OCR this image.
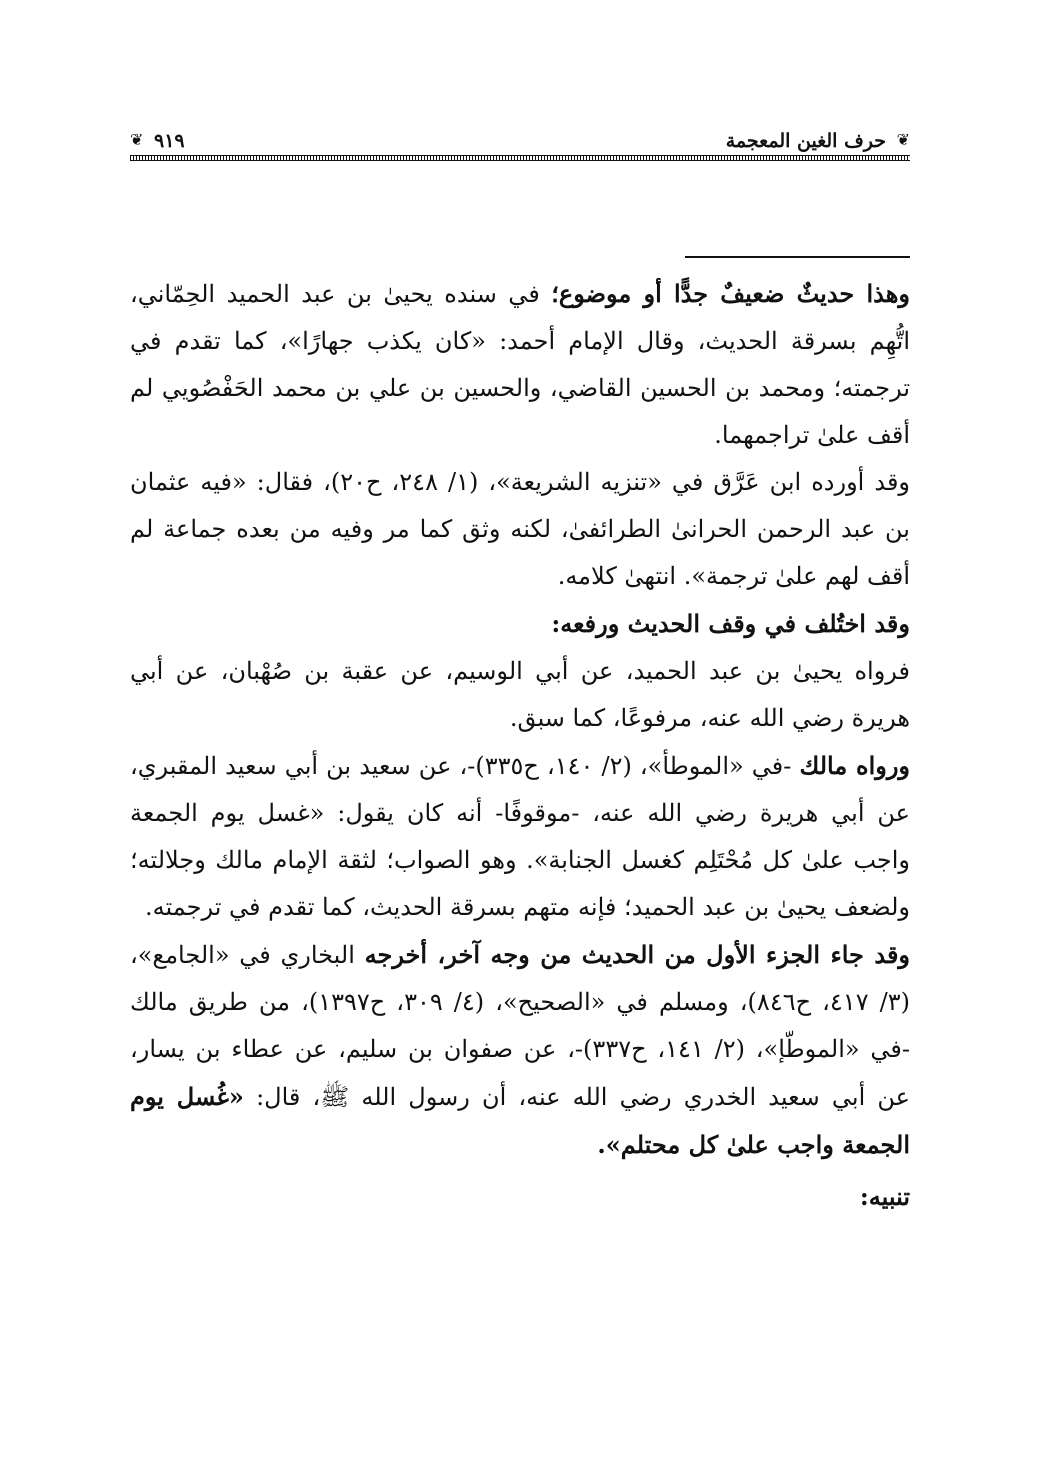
❦
حرف الغين المعجمة
٩١٩
❦

وهذا حديثٌ ضعيفٌ جدًّا أو موضوع؛ في سنده يحيىٰ بن عبد الحميد الحِمّاني، اتُّهِم بسرقة الحديث، وقال الإمام أحمد: «كان يكذب جهارًا»، كما تقدم في ترجمته؛ ومحمد بن الحسين القاضي، والحسين بن علي بن محمد الحَفْصُويي لم أقف علىٰ تراجمهما.

وقد أورده ابن عَرَّق في «تنزيه الشريعة»، (١/ ٢٤٨، ح٢٠)، فقال: «فيه عثمان بن عبد الرحمن الحرانىٰ الطرائفىٰ، لكنه وثق كما مر وفيه من بعده جماعة لم أقف لهم علىٰ ترجمة». انتهىٰ كلامه.

وقد اختُلف في وقف الحديث ورفعه:

فرواه يحيىٰ بن عبد الحميد، عن أبي الوسيم، عن عقبة بن صُهْبان، عن أبي هريرة رضي الله عنه، مرفوعًا، كما سبق.

ورواه مالك -في «الموطأ»، (٢/ ١٤٠، ح٣٣٥)-، عن سعيد بن أبي سعيد المقبري، عن أبي هريرة رضي الله عنه، -موقوفًا- أنه كان يقول: «غسل يوم الجمعة واجب علىٰ كل مُحْتَلِم كغسل الجنابة». وهو الصواب؛ لثقة الإمام مالك وجلالته؛ ولضعف يحيىٰ بن عبد الحميد؛ فإنه متهم بسرقة الحديث، كما تقدم في ترجمته.

وقد جاء الجزء الأول من الحديث من وجه آخر، أخرجه البخاري في «الجامع»، (٣/ ٤١٧، ح٨٤٦)، ومسلم في «الصحيح»، (٤/ ٣٠٩، ح١٣٩٧)، من طريق مالك -في «الموطّإ»، (٢/ ١٤١، ح٣٣٧)-، عن صفوان بن سليم، عن عطاء بن يسار، عن أبي سعيد الخدري رضي الله عنه، أن رسول الله ﷺ، قال: «غُسل يوم الجمعة واجب علىٰ كل محتلم».

تنبيه:
